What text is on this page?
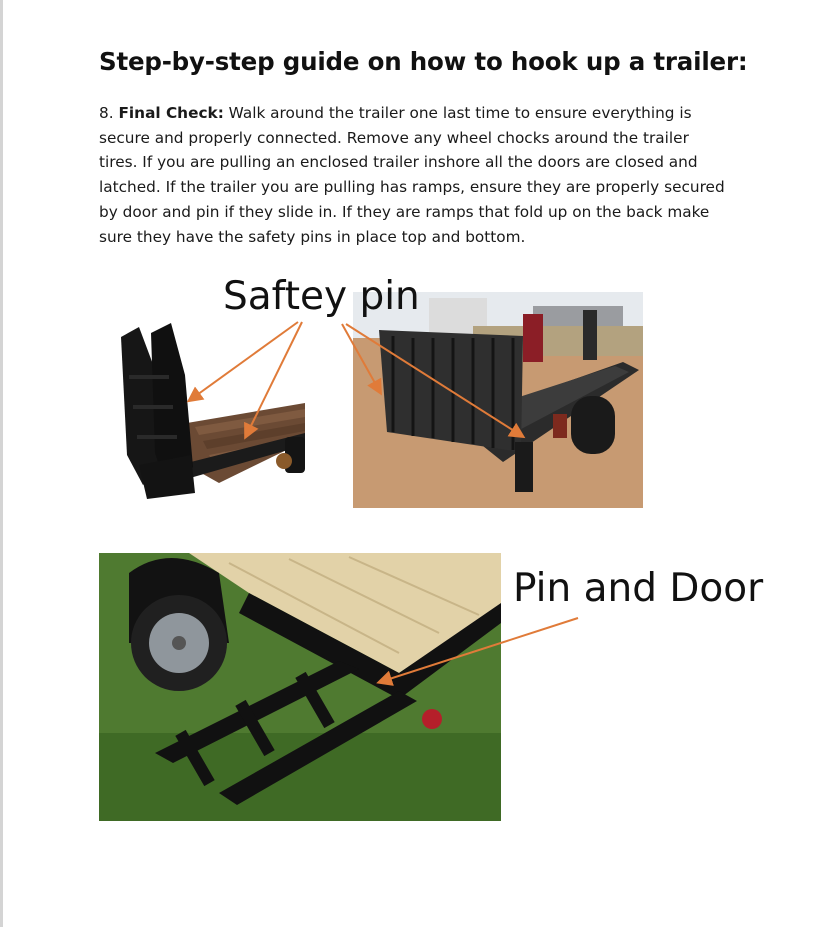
Step-by-step guide on how to hook up a trailer:

8. Final Check: Walk around the trailer one last time to ensure everything is secure and properly connected. Remove any wheel chocks around the trailer tires. If you are pulling an enclosed trailer inshore all the doors are closed and latched. If the trailer you are pulling has ramps, ensure they are properly secured by door and pin if they slide in. If they are ramps that fold up on the back make sure they have the safety pins in place top and bottom.

Saftey pin
Pin and Door
